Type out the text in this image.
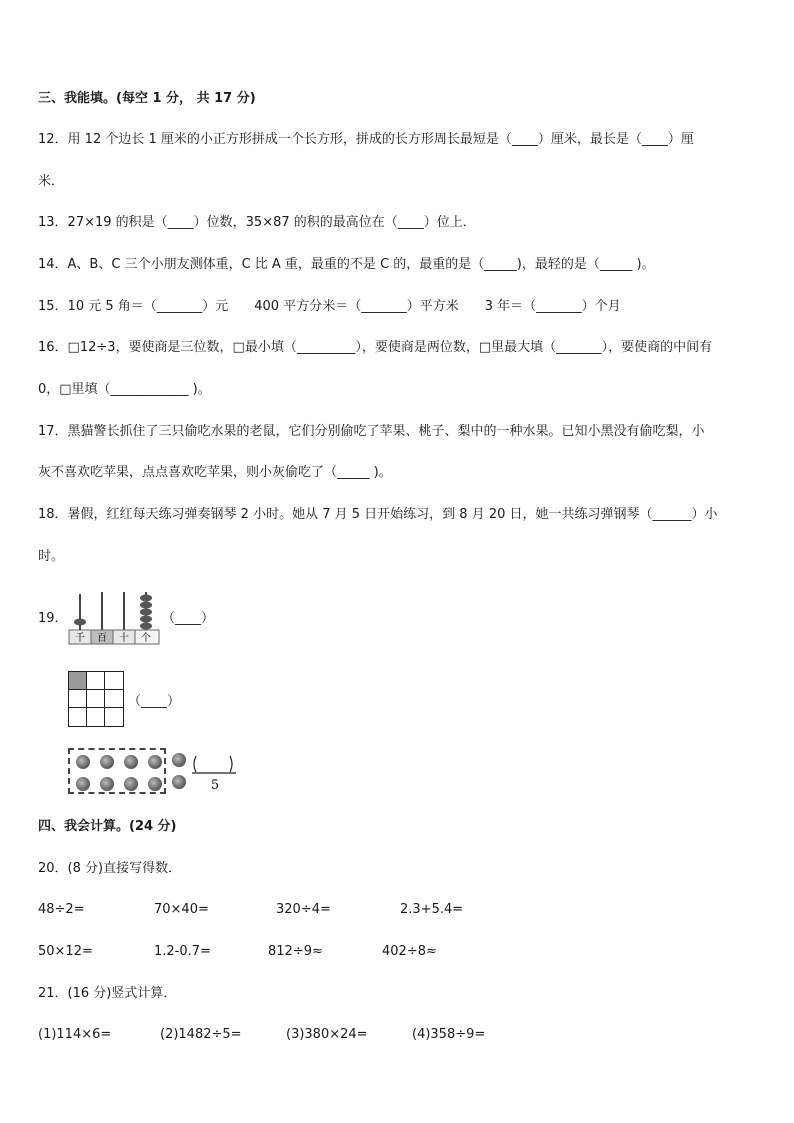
三、我能填。(每空 1 分， 共 17 分)
12．用 12 个边长 1 厘米的小正方形拼成一个长方形，拼成的长方形周长最短是（____）厘米，最长是（____）厘
米．
13．27×19 的积是（____）位数，35×87 的积的最高位在（____）位上．
14．A、B、C 三个小朋友测体重，C 比 A 重，最重的不是 C 的，最重的是（_____)，最轻的是（_____ )。
15．10 元 5 角＝（_______）元　　400 平方分米＝（_______）平方米　　3 年＝（_______）个月
16．□12÷3，要使商是三位数，□最小填（_________），要使商是两位数，□里最大填（_______），要使商的中间有
0，□里填（____________ )。
17．黑猫警长抓住了三只偷吃水果的老鼠，它们分别偷吃了苹果、桃子、梨中的一种水果。已知小黑没有偷吃梨，小
灰不喜欢吃苹果，点点喜欢吃苹果，则小灰偷吃了（_____ )。
18．暑假，红红每天练习弹奏钢琴 2 小时。她从 7 月 5 日开始练习，到 8 月 20 日，她一共练习弹钢琴（______）小
时。
19．
千 百 十 个
（____）
（____）
5
四、我会计算。(24 分)
20．(8 分)直接写得数．
48÷2=	70×40=	320÷4=	2.3+5.4=
50×12=	1.2-0.7=	812÷9≈	402÷8≈
21．(16 分)竖式计算．
(1)114×6=	(2)1482÷5=	(3)380×24=	(4)358÷9=
